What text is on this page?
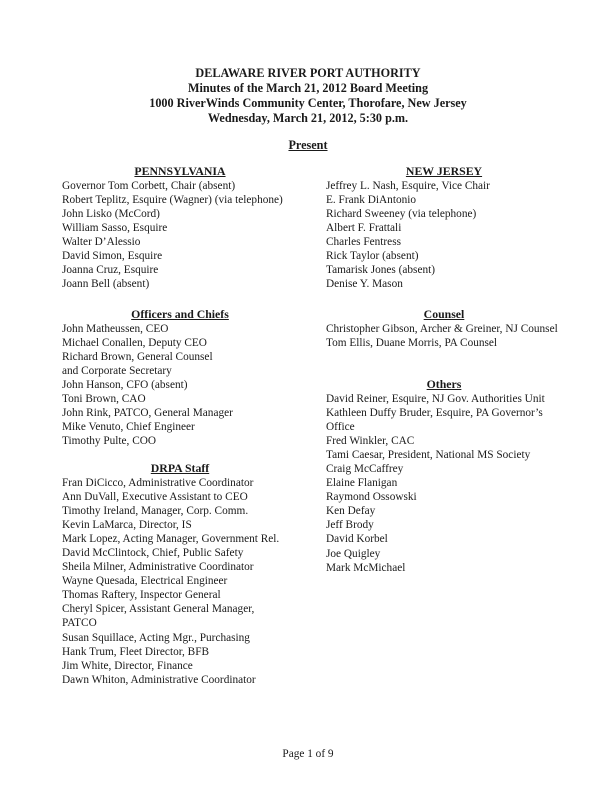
DELAWARE RIVER PORT AUTHORITY
Minutes of the March 21, 2012 Board Meeting
1000 RiverWinds Community Center, Thorofare, New Jersey
Wednesday, March 21, 2012, 5:30 p.m.
Present
PENNSYLVANIA
Governor Tom Corbett, Chair (absent)
Robert Teplitz, Esquire (Wagner) (via telephone)
John Lisko (McCord)
William Sasso, Esquire
Walter D’Alessio
David Simon, Esquire
Joanna Cruz, Esquire
Joann Bell (absent)
Officers and Chiefs
John Matheussen, CEO
Michael Conallen, Deputy CEO
Richard Brown, General Counsel
and Corporate Secretary
John Hanson, CFO (absent)
Toni Brown, CAO
John Rink, PATCO, General Manager
Mike Venuto, Chief Engineer
Timothy Pulte, COO
DRPA Staff
Fran DiCicco, Administrative Coordinator
Ann DuVall, Executive Assistant to CEO
Timothy Ireland, Manager, Corp. Comm.
Kevin LaMarca, Director, IS
Mark Lopez, Acting Manager, Government Rel.
David McClintock, Chief, Public Safety
Sheila Milner, Administrative Coordinator
Wayne Quesada, Electrical Engineer
Thomas Raftery, Inspector General
Cheryl Spicer, Assistant General Manager,
PATCO
Susan Squillace, Acting Mgr., Purchasing
Hank Trum, Fleet Director, BFB
Jim White, Director, Finance
Dawn Whiton, Administrative Coordinator
NEW JERSEY
Jeffrey L. Nash, Esquire, Vice Chair
E. Frank DiAntonio
Richard Sweeney (via telephone)
Albert F. Frattali
Charles Fentress
Rick Taylor (absent)
Tamarisk Jones (absent)
Denise Y. Mason
Counsel
Christopher Gibson, Archer & Greiner, NJ Counsel
Tom Ellis, Duane Morris, PA Counsel
Others
David Reiner, Esquire, NJ Gov. Authorities Unit
Kathleen Duffy Bruder, Esquire, PA Governor’s Office
Fred Winkler, CAC
Tami Caesar, President, National MS Society
Craig McCaffrey
Elaine Flanigan
Raymond Ossowski
Ken Defay
Jeff Brody
David Korbel
Joe Quigley
Mark McMichael
Page 1 of 9
